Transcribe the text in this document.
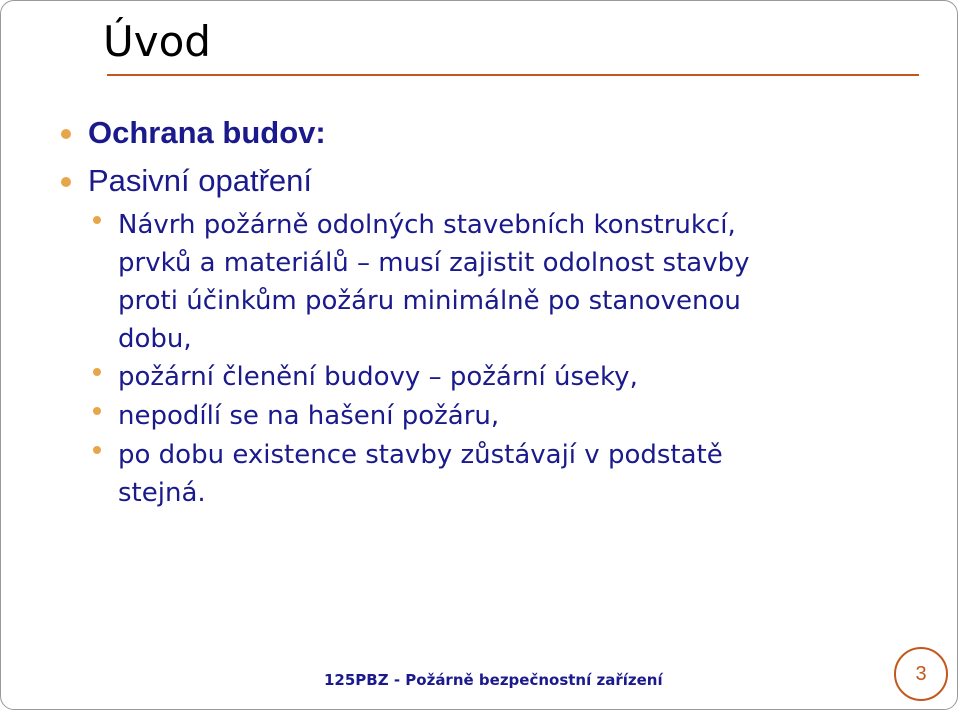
Úvod
Ochrana budov:
Pasivní opatření
Návrh požárně odolných stavebních konstrukcí,
prvků a materiálů – musí zajistit odolnost stavby
proti účinkům požáru minimálně po stanovenou
dobu,
požární členění budovy – požární úseky,
nepodílí se na hašení požáru,
po dobu existence stavby zůstávají v podstatě
stejná.
125PBZ - Požárně bezpečnostní zařízení	3
